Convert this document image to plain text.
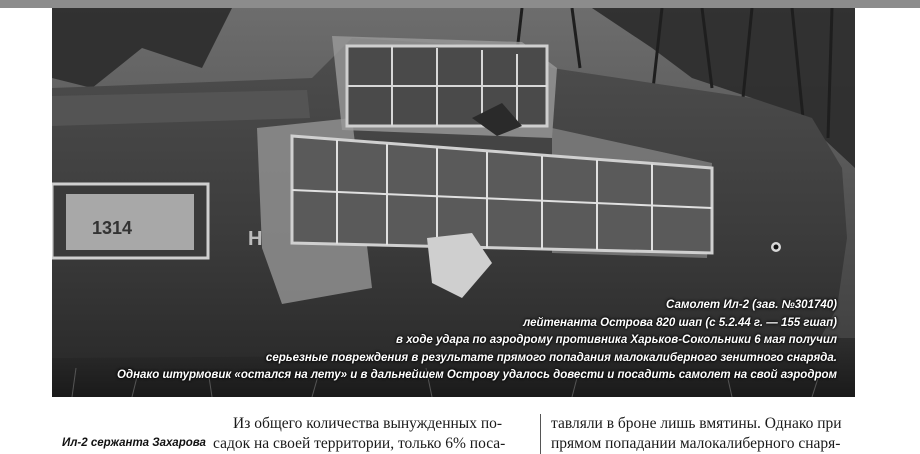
1314	H
Самолет Ил-2 (зав. №301740)
лейтенанта Острова 820 шап (с 5.2.44 г. — 155 гшап)
в ходе удара по аэродрому противника Харьков-Сокольники 6 мая получил
серьезные повреждения в результате прямого попадания малокалиберного зенитного снаряда.
Однако штурмовик «остался на лету» и в дальнейшем Острову удалось довести и посадить самолет на свой аэродром
Ил-2 сержанта Захарова
Из общего количества вынужденных по-
садок на своей территории, только 6% поса-
тавляли в броне лишь вмятины. Однако при
прямом попадании малокалиберного снаря-
